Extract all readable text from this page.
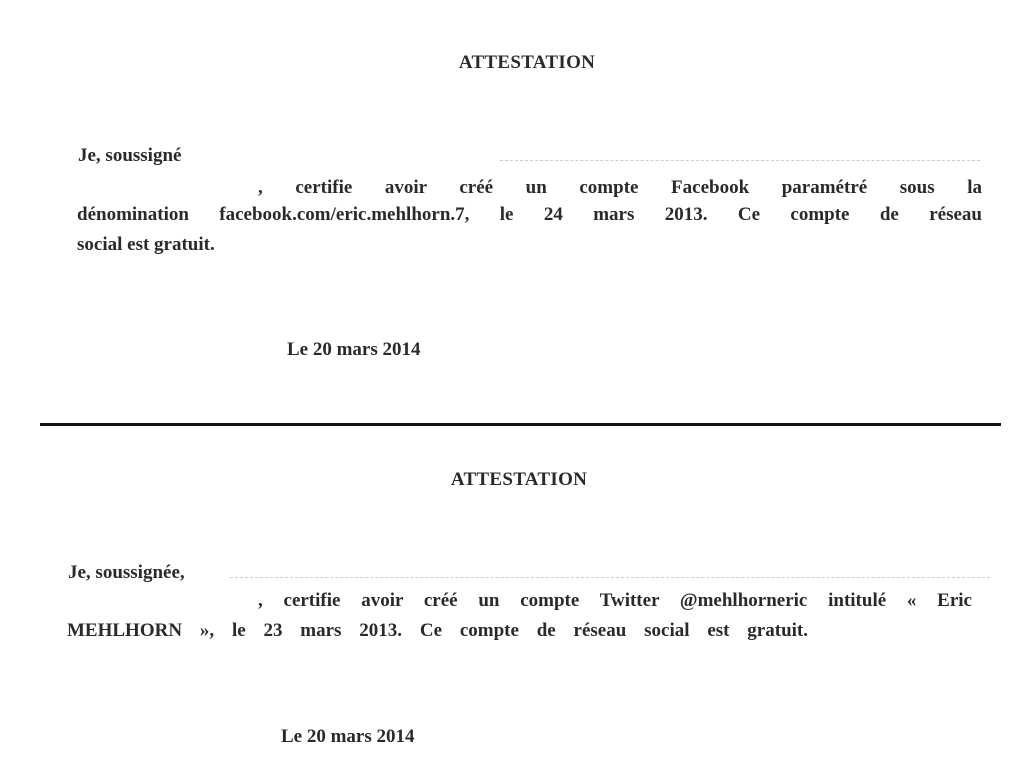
ATTESTATION
Je, soussigné
, certifie avoir créé un compte Facebook paramétré sous la
dénomination facebook.com/eric.mehlhorn.7, le 24 mars 2013. Ce compte de réseau
social est gratuit.
Le 20 mars 2014
ATTESTATION
Je, soussignée,
, certifie avoir créé un compte Twitter @mehlhorneric intitulé « Eric
MEHLHORN », le 23 mars 2013. Ce compte de réseau social est gratuit.
Le 20 mars 2014
